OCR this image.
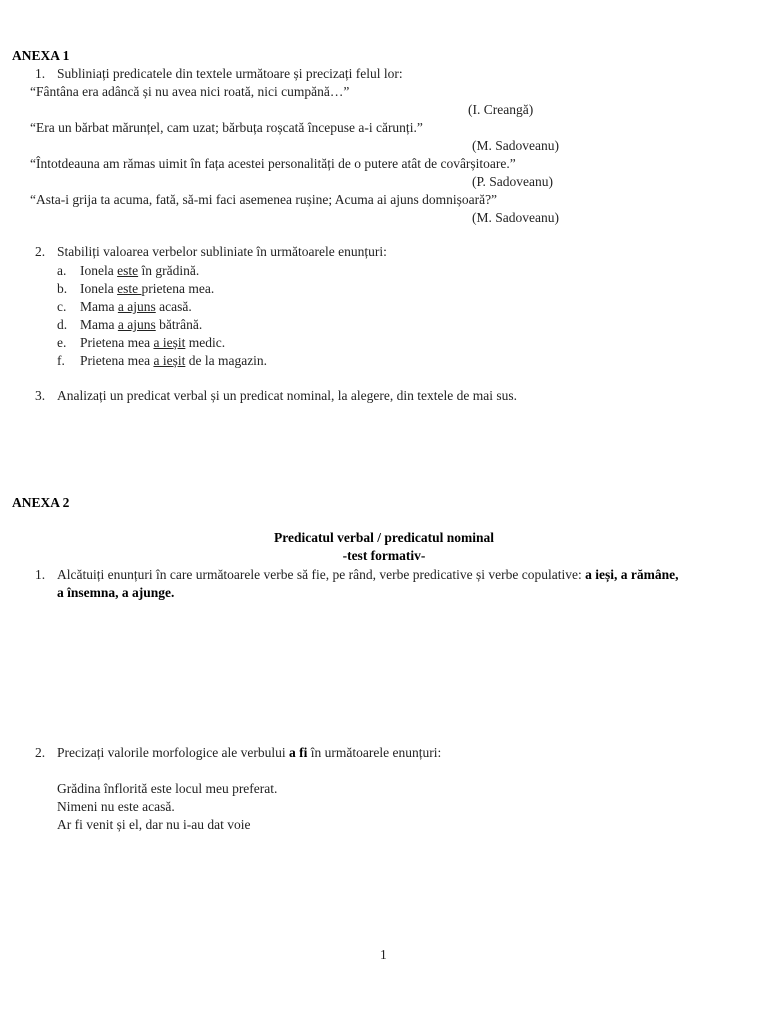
ANEXA 1
1. Subliniați predicatele din textele următoare și precizați felul lor:
“Fântâna era adâncă și nu avea nici roată, nici cumpănă…”
(I. Creangă)
“Era un bărbat mărunțel, cam uzat; bărbuța roșcată începuse a-i cărunți.”
(M. Sadoveanu)
“Întotdeauna am rămas uimit în fața acestei personalități de o putere atât de covârșitoare.”
(P. Sadoveanu)
“Asta-i grija ta acuma, fată, să-mi faci asemenea rușine; Acuma ai ajuns domnișoară?”
(M. Sadoveanu)
2. Stabiliți valoarea verbelor subliniate în următoarele enunțuri:
a. Ionela este în grădină.
b. Ionela este prietena mea.
c. Mama a ajuns acasă.
d. Mama a ajuns bătrână.
e. Prietena mea a ieșit medic.
f. Prietena mea a ieșit de la magazin.
3. Analizați un predicat verbal și un predicat nominal, la alegere, din textele de mai sus.
ANEXA 2
Predicatul verbal / predicatul nominal
-test formativ-
1. Alcătuiți enunțuri în care următoarele verbe să fie, pe rând, verbe predicative și verbe copulative: a ieși, a rămâne,
a însemna, a ajunge.
2. Precizați valorile morfologice ale verbului a fi în următoarele enunțuri:
Grădina înflorită este locul meu preferat.
Nimeni nu este acasă.
Ar fi venit și el, dar nu i-au dat voie
1
